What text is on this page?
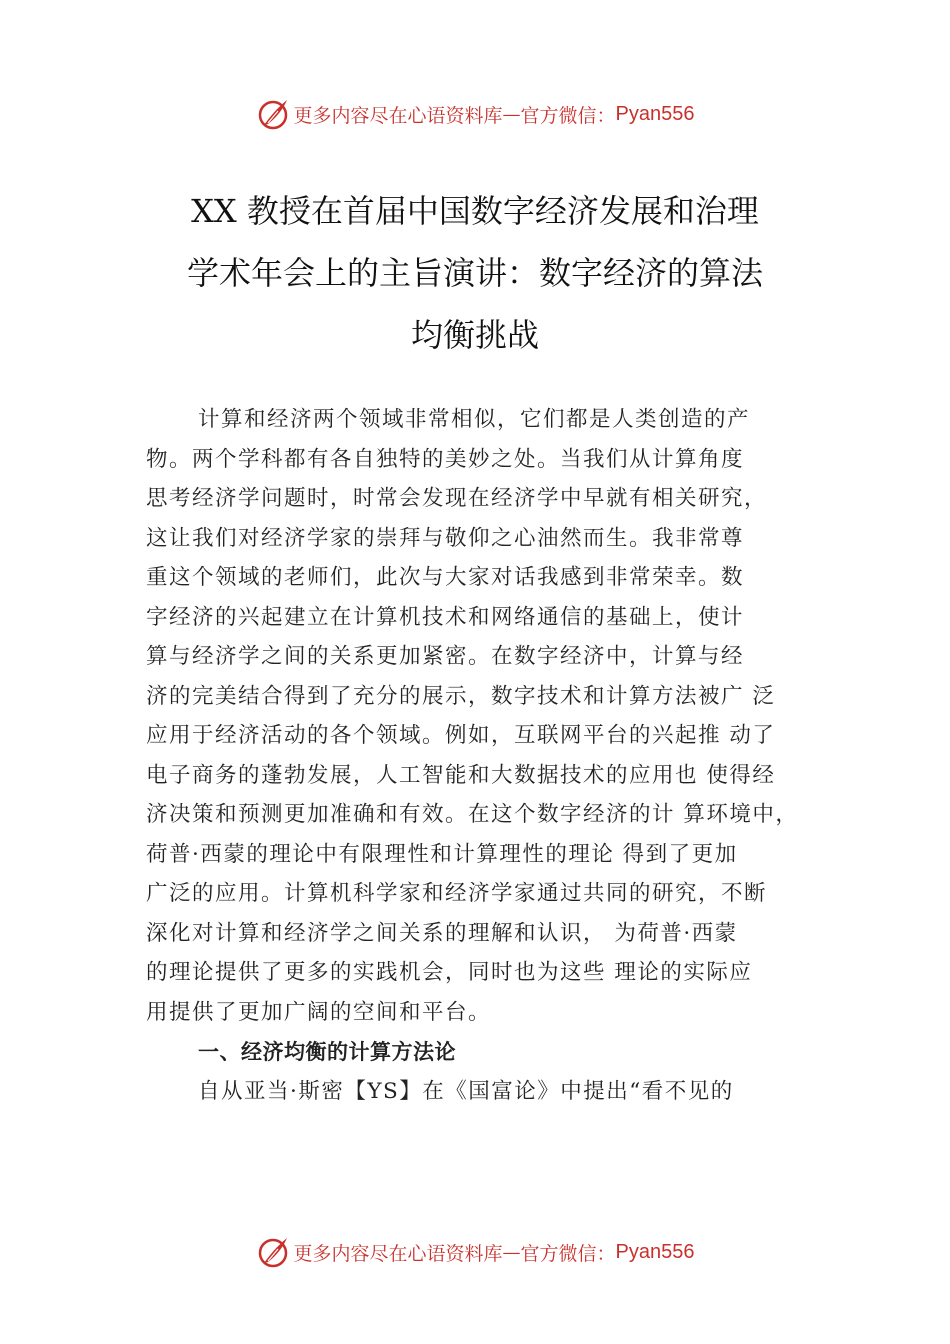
更多内容尽在心语资料库 — 官方微信： Pyan556
XX 教授在首届中国数字经济发展和治理
学术年会上的主旨演讲：数字经济的算法
均衡挑战
计算和经济两个领域非常相似，它们都是人类创造的产
物。两个学科都有各自独特的美妙之处。当我们从计算角度
思考经济学问题时，时常会发现在经济学中早就有相关研究，
这让我们对经济学家的崇拜与敬仰之心油然而生。我非常尊
重这个领域的老师们，此次与大家对话我感到非常荣幸。数
字经济的兴起建立在计算机技术和网络通信的基础上，使计
算与经济学之间的关系更加紧密。在数字经济中，计算与经
济的完美结合得到了充分的展示，数字技术和计算方法被广 泛
应用于经济活动的各个领域。例如，互联网平台的兴起推 动了
电子商务的蓬勃发展，人工智能和大数据技术的应用也 使得经
济决策和预测更加准确和有效。在这个数字经济的计 算环境中，
荷普·西蒙的理论中有限理性和计算理性的理论 得到了更加
广泛的应用。计算机科学家和经济学家通过共同的研究，不断
深化对计算和经济学之间关系的理解和认识， 为荷普·西蒙
的理论提供了更多的实践机会，同时也为这些 理论的实际应
用提供了更加广阔的空间和平台。
一、经济均衡的计算方法论
自从亚当·斯密【YS】在《国富论》中提出“看不见的
更多内容尽在心语资料库 — 官方微信： Pyan556
